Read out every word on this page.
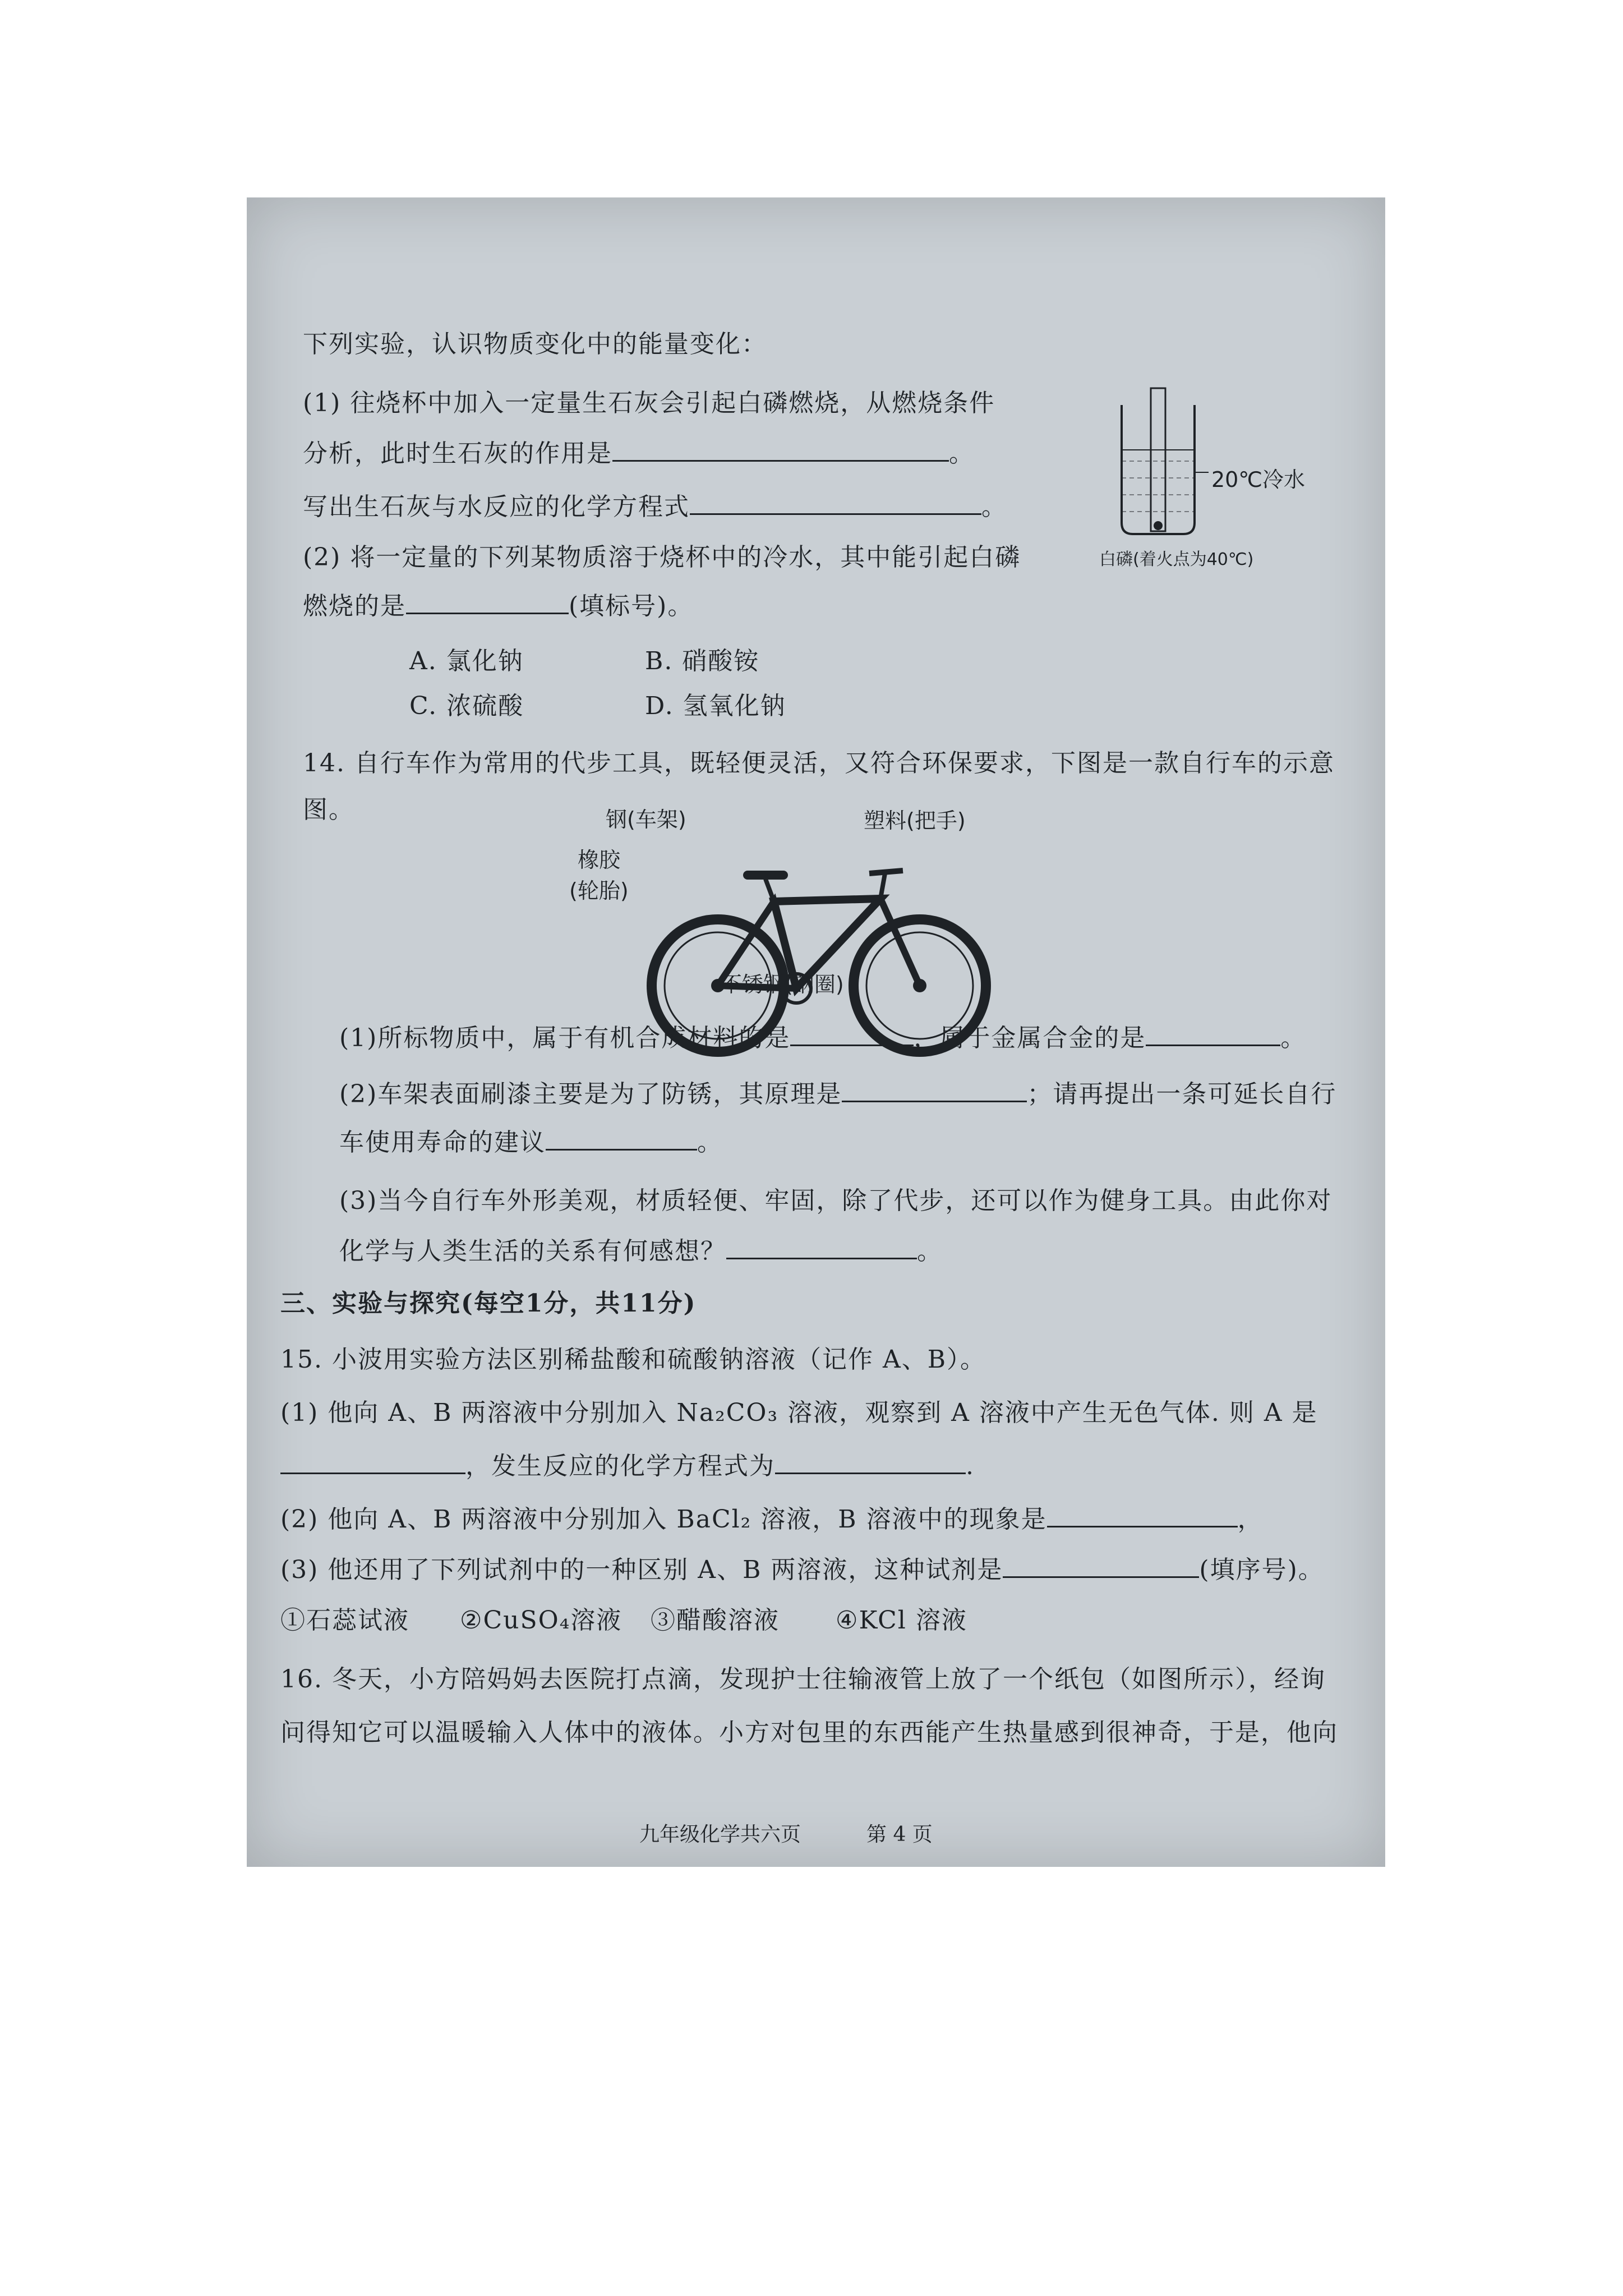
下列实验，认识物质变化中的能量变化：
(1) 往烧杯中加入一定量生石灰会引起白磷燃烧，从燃烧条件
分析，此时生石灰的作用是	。
写出生石灰与水反应的化学方程式	。
(2) 将一定量的下列某物质溶于烧杯中的冷水，其中能引起白磷
燃烧的是	(填标号)。
A. 氯化钠	B. 硝酸铵
C. 浓硫酸	D. 氢氧化钠
20℃冷水
白磷(着火点为40℃)
14. 自行车作为常用的代步工具，既轻便灵活，又符合环保要求，下图是一款自行车的示意
图。	钢(车架)	塑料(把手)
橡胶
(轮胎)
不锈钢(钢圈)
(1)所标物质中，属于有机合成材料的是	，属于金属合金的是	。
(2)车架表面刷漆主要是为了防锈，其原理是	；请再提出一条可延长自行
车使用寿命的建议	。
(3)当今自行车外形美观，材质轻便、牢固，除了代步，还可以作为健身工具。由此你对
化学与人类生活的关系有何感想？	。
三、实验与探究(每空1分，共11分)
15. 小波用实验方法区别稀盐酸和硫酸钠溶液（记作 A、B）。
(1) 他向 A、B 两溶液中分别加入 Na₂CO₃ 溶液，观察到 A 溶液中产生无色气体. 则 A 是
，发生反应的化学方程式为	.
(2) 他向 A、B 两溶液中分别加入 BaCl₂ 溶液，B 溶液中的现象是	，
(3) 他还用了下列试剂中的一种区别 A、B 两溶液，这种试剂是	(填序号)。
①石蕊试液 ②CuSO₄溶液 ③醋酸溶液 ④KCl 溶液
16. 冬天，小方陪妈妈去医院打点滴，发现护士往输液管上放了一个纸包（如图所示），经询
问得知它可以温暖输入人体中的液体。小方对包里的东西能产生热量感到很神奇，于是，他向
九年级化学共六页	第 4 页
